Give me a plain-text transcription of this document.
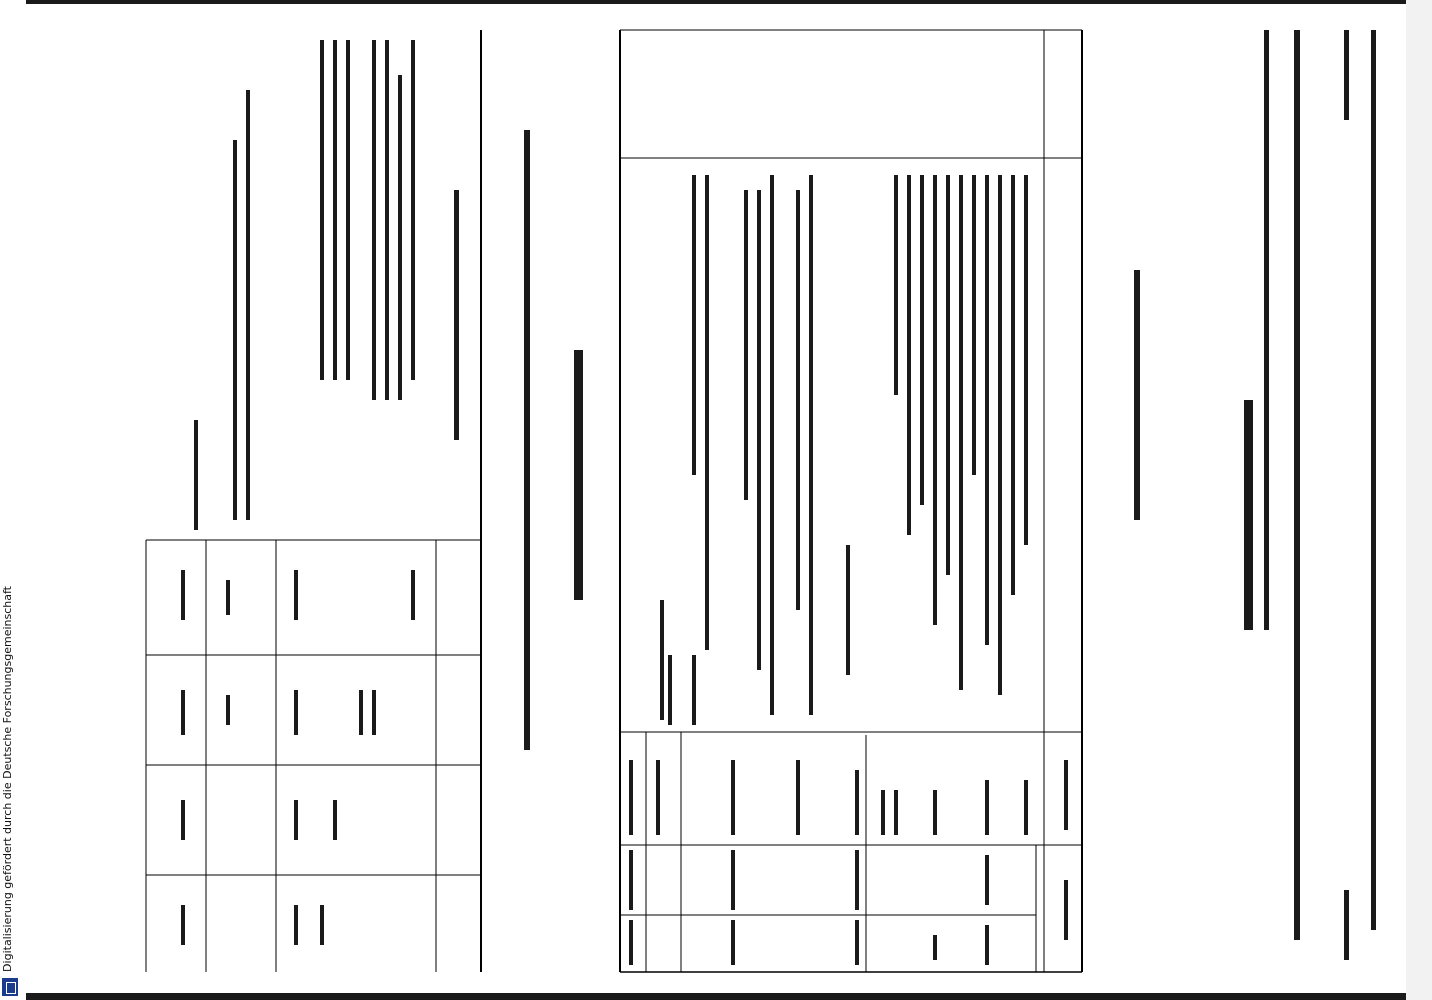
Digitalisierung gefördert durch die Deutsche Forschungsgemeinschaft
